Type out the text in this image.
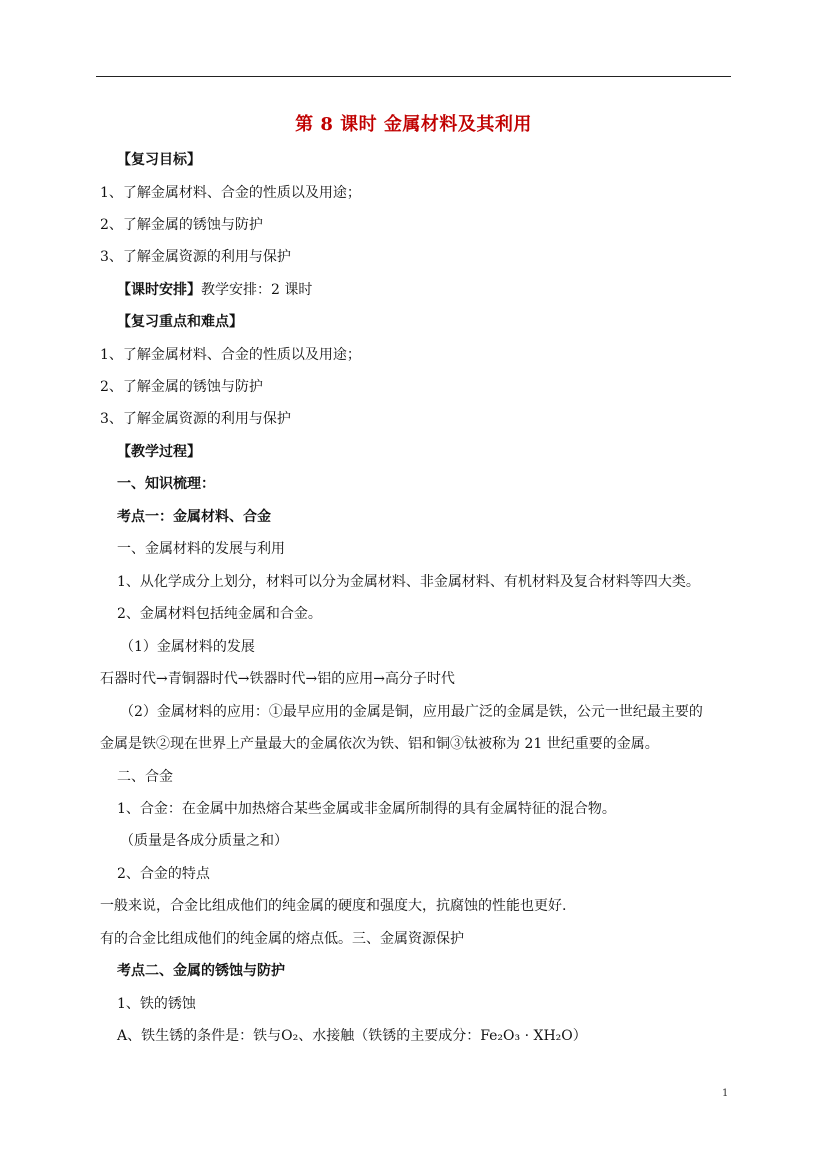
第 8 课时 金属材料及其利用
【复习目标】
1、了解金属材料、合金的性质以及用途；
2、了解金属的锈蚀与防护
3、了解金属资源的利用与保护
【课时安排】教学安排：2 课时
【复习重点和难点】
1、了解金属材料、合金的性质以及用途；
2、了解金属的锈蚀与防护
3、了解金属资源的利用与保护
【教学过程】
一、知识梳理：
考点一：金属材料、合金
一、金属材料的发展与利用
1、从化学成分上划分，材料可以分为金属材料、非金属材料、有机材料及复合材料等四大类。
2、金属材料包括纯金属和合金。
（1）金属材料的发展
石器时代→青铜器时代→铁器时代→铝的应用→高分子时代
（2）金属材料的应用：①最早应用的金属是铜，应用最广泛的金属是铁，公元一世纪最主要的
金属是铁②现在世界上产量最大的金属依次为铁、铝和铜③钛被称为 21 世纪重要的金属。
二、合金
1、合金：在金属中加热熔合某些金属或非金属所制得的具有金属特征的混合物。
（质量是各成分质量之和）
2、合金的特点
一般来说，合金比组成他们的纯金属的硬度和强度大，抗腐蚀的性能也更好.
有的合金比组成他们的纯金属的熔点低。三、金属资源保护
考点二、金属的锈蚀与防护
1、铁的锈蚀
A、铁生锈的条件是：铁与O₂、水接触（铁锈的主要成分：Fe₂O₃ · XH₂O）
1
